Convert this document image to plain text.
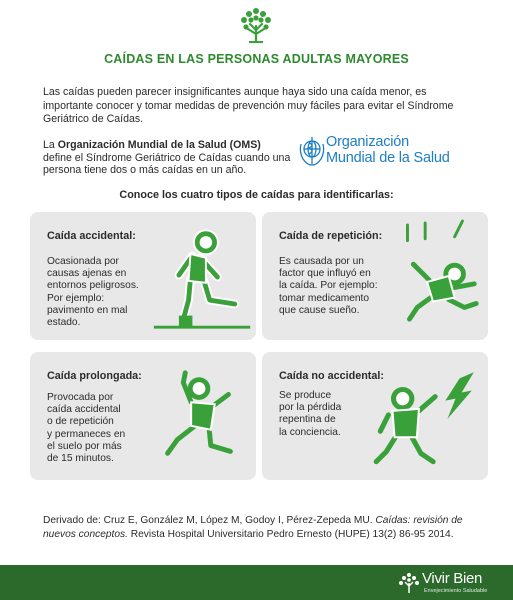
CAÍDAS EN LAS PERSONAS ADULTAS MAYORES
Las caídas pueden parecer insignificantes aunque haya sido una caída menor, es importante conocer y tomar medidas de prevención muy fáciles para evitar el Síndrome Geriátrico de Caídas.
La Organización Mundial de la Salud (OMS) define el Síndrome Geriátrico de Caídas cuando una persona tiene dos o más caídas en un año.
Organización
Mundial de la Salud
Conoce los cuatro tipos de caídas para identificarlas:
Caída accidental:

Ocasionada por
causas ajenas en
entornos peligrosos.
Por ejemplo:
pavimento en mal
estado.

Caída de repetición:

Es causada por un
factor que influyó en
la caída. Por ejemplo:
tomar medicamento
que cause sueño.

Caída prolongada:

Provocada por
caída accidental
o de repetición
y permaneces en
el suelo por más
de 15 minutos.

Caída no accidental:

Se produce
por la pérdida
repentina de
la conciencia.

Derivado de: Cruz E, González M, López M, Godoy I, Pérez-Zepeda MU. Caídas: revisión de nuevos conceptos. Revista Hospital Universitario Pedro Ernesto (HUPE) 13(2) 86-95 2014.
Vivir Bien
Envejecimiento Saludable
